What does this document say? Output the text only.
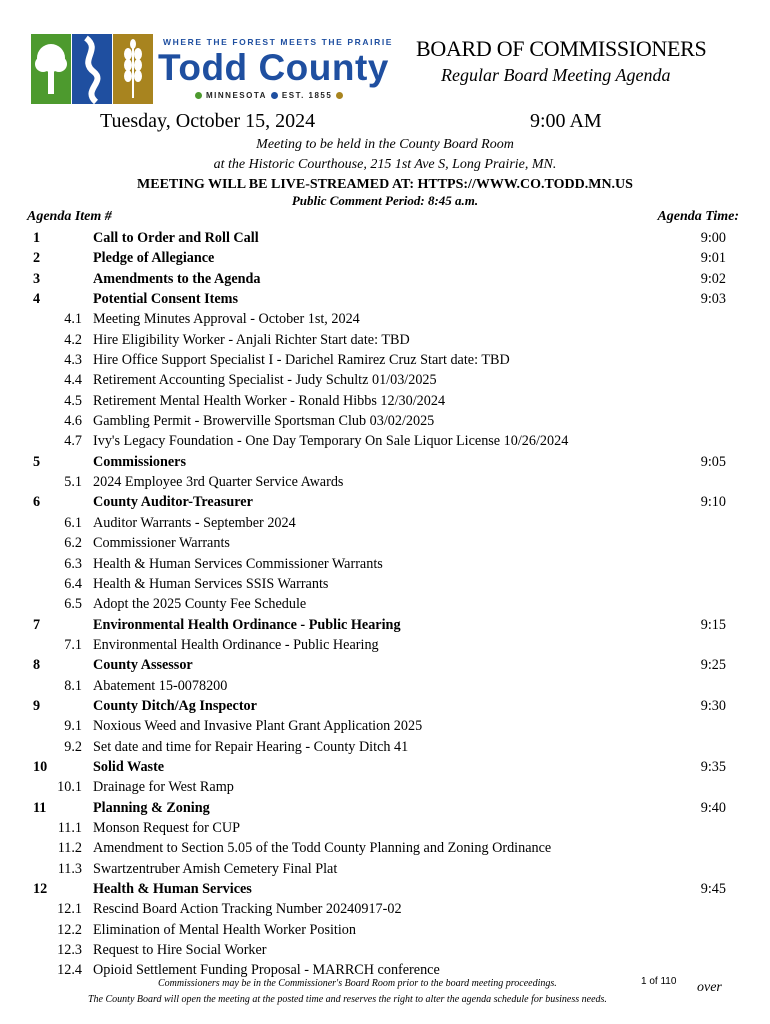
WHERE THE FOREST MEETS THE PRAIRIE
Todd County
MINNESOTA EST. 1855
BOARD OF COMMISSIONERS
Regular Board Meeting Agenda
Tuesday, October 15, 2024	9:00 AM
Meeting to be held in the County Board Room
at the Historic Courthouse, 215 1st Ave S, Long Prairie, MN.
MEETING WILL BE LIVE-STREAMED AT: HTTPS://WWW.CO.TODD.MN.US
Public Comment Period: 8:45 a.m.
Agenda Item #	Agenda Time:
1	Call to Order and Roll Call	9:00
2	Pledge of Allegiance	9:01
3	Amendments to the Agenda	9:02
4	Potential Consent Items	9:03
4.1 Meeting Minutes Approval - October 1st, 2024
4.2 Hire Eligibility Worker - Anjali Richter Start date: TBD
4.3 Hire Office Support Specialist I - Darichel Ramirez Cruz Start date: TBD
4.4 Retirement Accounting Specialist - Judy Schultz 01/03/2025
4.5 Retirement Mental Health Worker - Ronald Hibbs 12/30/2024
4.6 Gambling Permit - Browerville Sportsman Club 03/02/2025
4.7 Ivy's Legacy Foundation - One Day Temporary On Sale Liquor License 10/26/2024
5	Commissioners	9:05
5.1 2024 Employee 3rd Quarter Service Awards
6	County Auditor-Treasurer	9:10
6.1 Auditor Warrants - September 2024
6.2 Commissioner Warrants
6.3 Health & Human Services Commissioner Warrants
6.4 Health & Human Services SSIS Warrants
6.5 Adopt the 2025 County Fee Schedule
7	Environmental Health Ordinance - Public Hearing	9:15
7.1 Environmental Health Ordinance - Public Hearing
8	County Assessor	9:25
8.1 Abatement 15-0078200
9	County Ditch/Ag Inspector	9:30
9.1 Noxious Weed and Invasive Plant Grant Application 2025
9.2 Set date and time for Repair Hearing - County Ditch 41
10	Solid Waste	9:35
10.1 Drainage for West Ramp
11	Planning & Zoning	9:40
11.1 Monson Request for CUP
11.2 Amendment to Section 5.05 of the Todd County Planning and Zoning Ordinance
11.3 Swartzentruber Amish Cemetery Final Plat
12	Health & Human Services	9:45
12.1 Rescind Board Action Tracking Number 20240917-02
12.2 Elimination of Mental Health Worker Position
12.3 Request to Hire Social Worker
12.4 Opioid Settlement Funding Proposal - MARRCH conference
Commissioners may be in the Commissioner's Board Room prior to the board meeting proceedings.	1 of 110 over
The County Board will open the meeting at the posted time and reserves the right to alter the agenda schedule for business needs.
